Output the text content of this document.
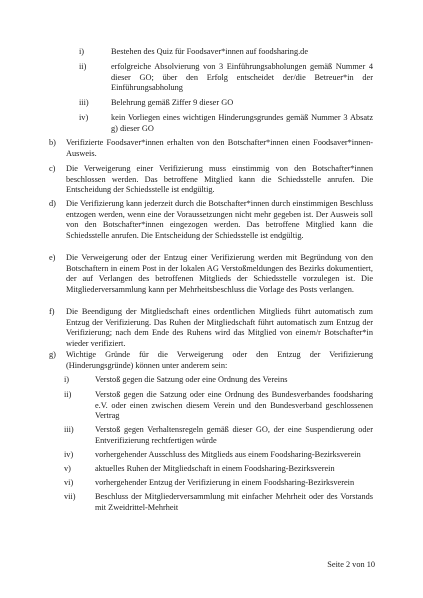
i)	Bestehen des Quiz für Foodsaver*innen auf foodsharing.de
ii)	erfolgreiche Absolvierung von 3 Einführungsabholungen gemäß Nummer 4 dieser GO; über den Erfolg entscheidet der/die Betreuer*in der Einführungsabholung
iii)	Belehrung gemäß Ziffer 9 dieser GO
iv)	kein Vorliegen eines wichtigen Hinderungsgrundes gemäß Nummer 3 Absatz g) dieser GO
b) Verifizierte Foodsaver*innen erhalten von den Botschafter*innen einen Foodsaver*innen-Ausweis.
c) Die Verweigerung einer Verifizierung muss einstimmig von den Botschafter*innen beschlossen werden. Das betroffene Mitglied kann die Schiedsstelle anrufen. Die Entscheidung der Schiedsstelle ist endgültig.
d) Die Verifizierung kann jederzeit durch die Botschafter*innen durch einstimmigen Beschluss entzogen werden, wenn eine der Voraussetzungen nicht mehr gegeben ist. Der Ausweis soll von den Botschafter*innen eingezogen werden. Das betroffene Mitglied kann die Schiedsstelle anrufen. Die Entscheidung der Schiedsstelle ist endgültig.
e) Die Verweigerung oder der Entzug einer Verifizierung werden mit Begründung von den Botschaftern in einem Post in der lokalen AG Verstoßmeldungen des Bezirks dokumentiert, der auf Verlangen des betroffenen Mitglieds der Schiedsstelle vorzulegen ist. Die Mitgliederversammlung kann per Mehrheitsbeschluss die Vorlage des Posts verlangen.
f) Die Beendigung der Mitgliedschaft eines ordentlichen Mitglieds führt automatisch zum Entzug der Verifizierung. Das Ruhen der Mitgliedschaft führt automatisch zum Entzug der Verifizierung; nach dem Ende des Ruhens wird das Mitglied von einem/r Botschafter*in wieder verifiziert.
g) Wichtige Gründe für die Verweigerung oder den Entzug der Verifizierung (Hinderungsgründe) können unter anderem sein:
i)	Verstoß gegen die Satzung oder eine Ordnung des Vereins
ii)	Verstoß gegen die Satzung oder eine Ordnung des Bundesverbandes foodsharing e.V. oder einen zwischen diesem Verein und den Bundesverband geschlossenen Vertrag
iii)	Verstoß gegen Verhaltensregeln gemäß dieser GO, der eine Suspendierung oder Entverifizierung rechtfertigen würde
iv)	vorhergehender Ausschluss des Mitglieds aus einem Foodsharing-Bezirksverein
v)	aktuelles Ruhen der Mitgliedschaft in einem Foodsharing-Bezirksverein
vi)	vorhergehender Entzug der Verifizierung in einem Foodsharing-Bezirksverein
vii) Beschluss der Mitgliederversammlung mit einfacher Mehrheit oder des Vorstands mit Zweidrittel-Mehrheit
Seite 2 von 10
